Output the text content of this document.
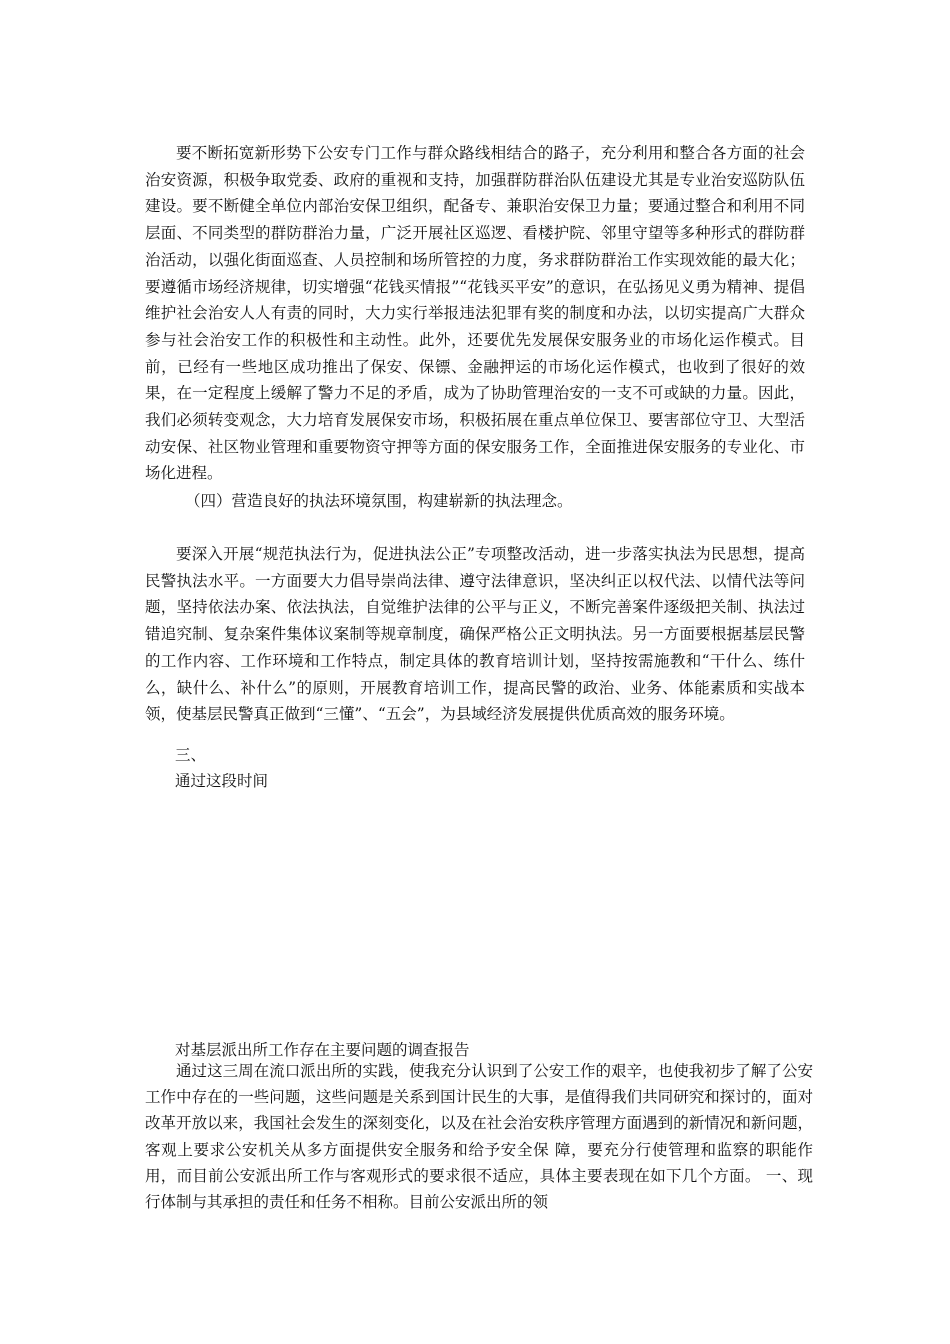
要不断拓宽新形势下公安专门工作与群众路线相结合的路子，充分利用和整合各方面的社会治安资源，积极争取党委、政府的重视和支持，加强群防群治队伍建设尤其是专业治安巡防队伍建设。要不断健全单位内部治安保卫组织，配备专、兼职治安保卫力量；要通过整合和利用不同层面、不同类型的群防群治力量，广泛开展社区巡逻、看楼护院、邻里守望等多种形式的群防群治活动，以强化街面巡查、人员控制和场所管控的力度，务求群防群治工作实现效能的最大化；要遵循市场经济规律，切实增强“花钱买情报”“花钱买平安”的意识，在弘扬见义勇为精神、提倡维护社会治安人人有责的同时，大力实行举报违法犯罪有奖的制度和办法，以切实提高广大群众参与社会治安工作的积极性和主动性。此外，还要优先发展保安服务业的市场化运作模式。目前，已经有一些地区成功推出了保安、保镖、金融押运的市场化运作模式，也收到了很好的效果，在一定程度上缓解了警力不足的矛盾，成为了协助管理治安的一支不可或缺的力量。因此，我们必须转变观念，大力培育发展保安市场，积极拓展在重点单位保卫、要害部位守卫、大型活动安保、社区物业管理和重要物资守押等方面的保安服务工作，全面推进保安服务的专业化、市场化进程。

（四）营造良好的执法环境氛围，构建崭新的执法理念。

要深入开展“规范执法行为，促进执法公正”专项整改活动，进一步落实执法为民思想，提高民警执法水平。一方面要大力倡导崇尚法律、遵守法律意识，坚决纠正以权代法、以情代法等问题，坚持依法办案、依法执法，自觉维护法律的公平与正义，不断完善案件逐级把关制、执法过错追究制、复杂案件集体议案制等规章制度，确保严格公正文明执法。另一方面要根据基层民警的工作内容、工作环境和工作特点，制定具体的教育培训计划，坚持按需施教和“干什么、练什么，缺什么、补什么”的原则，开展教育培训工作，提高民警的政治、业务、体能素质和实战本领，使基层民警真正做到“三懂”、“五会”，为县域经济发展提供优质高效的服务环境。

三、

通过这段时间

对基层派出所工作存在主要问题的调查报告

通过这三周在流口派出所的实践，使我充分认识到了公安工作的艰辛，也使我初步了解了公安工作中存在的一些问题，这些问题是关系到国计民生的大事，是值得我们共同研究和探讨的，面对改革开放以来，我国社会发生的深刻变化，以及在社会治安秩序管理方面遇到的新情况和新问题，客观上要求公安机关从多方面提供安全服务和给予安全保 障，要充分行使管理和监察的职能作用，而目前公安派出所工作与客观形式的要求很不适应，具体主要表现在如下几个方面。 一、现行体制与其承担的责任和任务不相称。目前公安派出所的领
